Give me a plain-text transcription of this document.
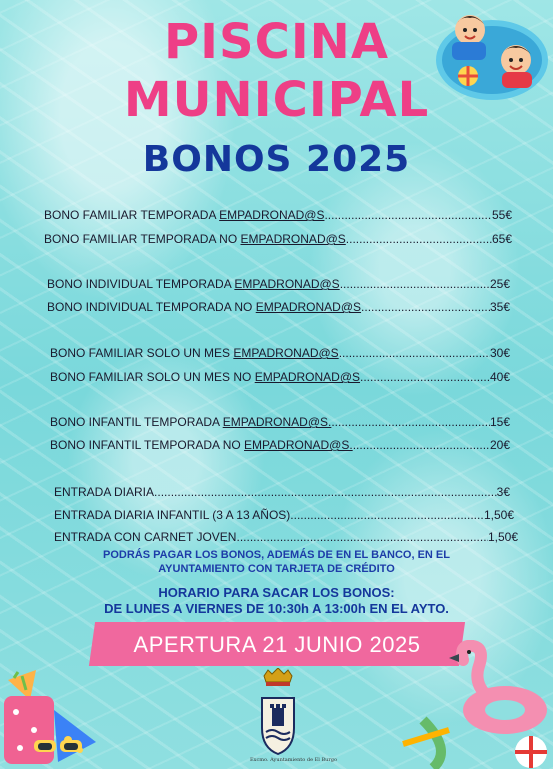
PISCINA
MUNICIPAL
BONOS 2025
BONO FAMILIAR TEMPORADA EMPADRONAD@S .....	55€
BONO FAMILIAR TEMPORADA NO EMPADRONAD@S .....	65€
BONO INDIVIDUAL TEMPORADA EMPADRONAD@S .....	25€
BONO INDIVIDUAL TEMPORADA NO EMPADRONAD@S .....	35€
BONO FAMILIAR SOLO UN MES EMPADRONAD@S .....	30€
BONO FAMILIAR SOLO UN MES NO EMPADRONAD@S .....	40€
BONO INFANTIL TEMPORADA EMPADRONAD@S. .....	15€
BONO INFANTIL TEMPORADA NO EMPADRONAD@S. .....	20€
ENTRADA DIARIA .....	3€
ENTRADA DIARIA INFANTIL (3 A 13 AÑOS) .....	1,50€
ENTRADA CON CARNET JOVEN .....	1,50€
PODRÁS PAGAR LOS BONOS, ADEMÁS DE EN EL BANCO, EN EL
AYUNTAMIENTO CON TARJETA DE CRÉDITO
HORARIO PARA SACAR LOS BONOS:
DE LUNES A VIERNES DE 10:30h A 13:00h EN EL AYTO.
APERTURA 21 JUNIO 2025
Excmo. Ayuntamiento de El Burgo
